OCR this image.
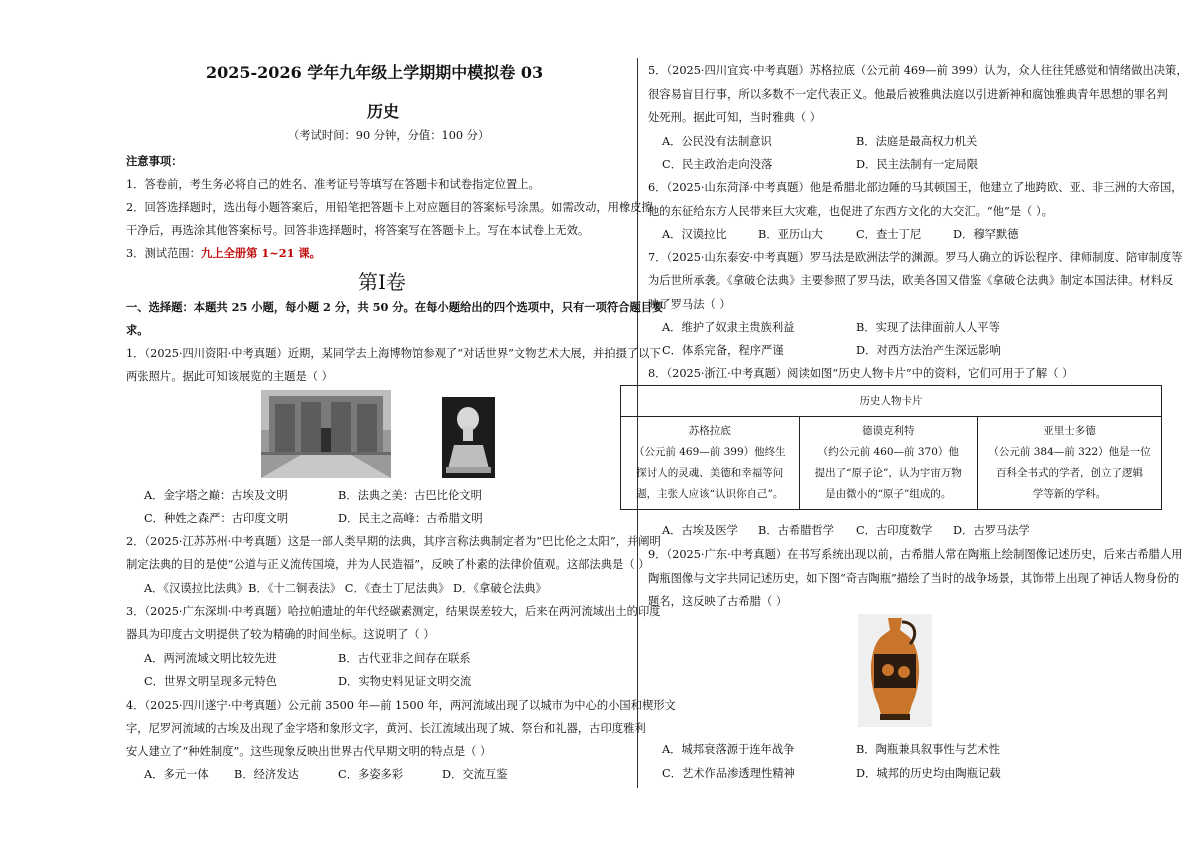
2025-2026 学年九年级上学期期中模拟卷 03
历史
（考试时间：90 分钟，分值：100 分）
注意事项：
1．答卷前，考生务必将自己的姓名、准考证号等填写在答题卡和试卷指定位置上。
2．回答选择题时，选出每小题答案后，用铅笔把答题卡上对应题目的答案标号涂黑。如需改动，用橡皮擦
干净后，再选涂其他答案标号。回答非选择题时，将答案写在答题卡上。写在本试卷上无效。
3．测试范围：九上全册第 1~21 课。
第Ⅰ卷
一、选择题：本题共 25 小题，每小题 2 分，共 50 分。在每小题给出的四个选项中，只有一项符合题目要
求。
1．（2025·四川资阳·中考真题）近期，某同学去上海博物馆参观了“对话世界”文物艺术大展，并拍摄了以下
两张照片。据此可知该展览的主题是（ ）
A．金字塔之巅：古埃及文明	B．法典之美：古巴比伦文明
C．种姓之森严：古印度文明	D．民主之高峰：古希腊文明
2．（2025·江苏苏州·中考真题）这是一部人类早期的法典，其序言称法典制定者为“巴比伦之太阳”，并阐明
制定法典的目的是使“公道与正义流传国境，并为人民造福”，反映了朴素的法律价值观。这部法典是（ ）
A．《汉谟拉比法典》B．《十二铜表法》 C．《查士丁尼法典》 D．《拿破仑法典》
3．（2025·广东深圳·中考真题）哈拉帕遗址的年代经碳素测定，结果误差较大，后来在两河流域出土的印度
器具为印度古文明提供了较为精确的时间坐标。这说明了（ ）
A．两河流域文明比较先进	B．古代亚非之间存在联系
C．世界文明呈现多元特色	D．实物史料见证文明交流
4．（2025·四川遂宁·中考真题）公元前 3500 年—前 1500 年，两河流域出现了以城市为中心的小国和楔形文
字，尼罗河流域的古埃及出现了金字塔和象形文字，黄河、长江流域出现了城、祭台和礼器，古印度雅利
安人建立了“种姓制度”。这些现象反映出世界古代早期文明的特点是（ ）
A．多元一体 B．经济发达	C．多姿多彩	D．交流互鉴
5．（2025·四川宜宾·中考真题）苏格拉底（公元前 469—前 399）认为，众人往往凭感觉和情绪做出决策，
很容易盲目行事，所以多数不一定代表正义。他最后被雅典法庭以引进新神和腐蚀雅典青年思想的罪名判
处死刑。据此可知，当时雅典（ ）
A．公民没有法制意识	B．法庭是最高权力机关
C．民主政治走向没落	D．民主法制有一定局限
6．（2025·山东菏泽·中考真题）他是希腊北部边陲的马其顿国王，他建立了地跨欧、亚、非三洲的大帝国，
他的东征给东方人民带来巨大灾难，也促进了东西方文化的大交汇。“他”是（ ）。
A．汉谟拉比	B．亚历山大	C．查士丁尼	D．穆罕默德
7．（2025·山东泰安·中考真题）罗马法是欧洲法学的渊源。罗马人确立的诉讼程序、律师制度、陪审制度等
为后世所承袭。《拿破仑法典》主要参照了罗马法，欧美各国又借鉴《拿破仑法典》制定本国法律。材料反
映了罗马法（ ）
A．维护了奴隶主贵族利益	B．实现了法律面前人人平等
C．体系完备，程序严谨	D．对西方法治产生深远影响
8．（2025·浙江·中考真题）阅读如图“历史人物卡片”中的资料，它们可用于了解（ ）
历史人物卡片

苏格拉底
（公元前 469—前 399）他终生
探讨人的灵魂、美德和幸福等问
题，主张人应该“认识你自己”。

德谟克利特
（约公元前 460—前 370）他
提出了“原子论”，认为宇宙万物
是由微小的“原子”组成的。

亚里士多德
（公元前 384—前 322）他是一位
百科全书式的学者，创立了逻辑
学等新的学科。
A．古埃及医学 B．古希腊哲学 C．古印度数学 D．古罗马法学
9．（2025·广东·中考真题）在书写系统出现以前，古希腊人常在陶瓶上绘制图像记述历史，后来古希腊人用
陶瓶图像与文字共同记述历史，如下图“奇吉陶瓶”描绘了当时的战争场景，其饰带上出现了神话人物身份的
题名，这反映了古希腊（ ）
A．城邦衰落源于连年战争	B．陶瓶兼具叙事性与艺术性
C．艺术作品渗透理性精神	D．城邦的历史均由陶瓶记载
